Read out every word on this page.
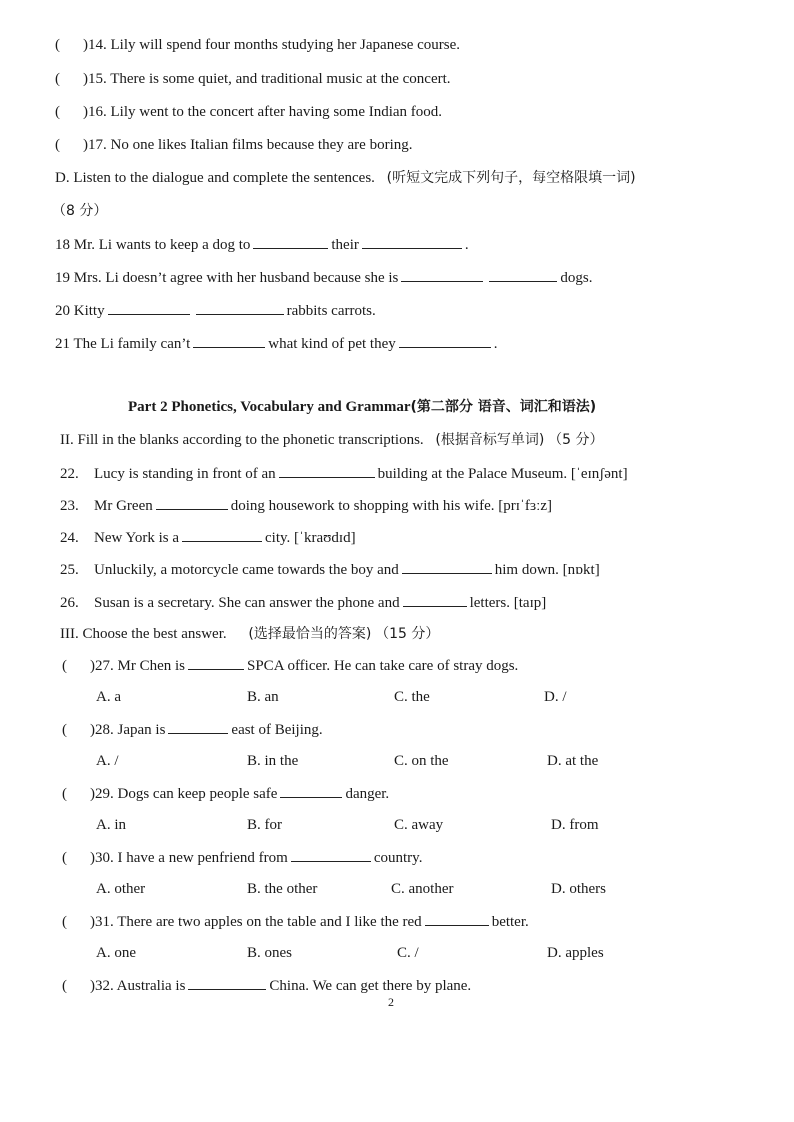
( )14. Lily will spend four months studying her Japanese course.
( )15. There is some quiet, and traditional music at the concert.
( )16. Lily went to the concert after having some Indian food.
( )17. No one likes Italian films because they are boring.
D. Listen to the dialogue and complete the sentences. (听短文完成下列句子，每空格限填一词)
（8 分）
18 Mr. Li wants to keep a dog to	their	.
19 Mrs. Li doesn’t agree with her husband because she is	dogs.
20 Kitty	rabbits carrots.
21 The Li family can’t	what kind of pet they	.
Part 2 Phonetics, Vocabulary and Grammar(第二部分 语音、词汇和语法)
II. Fill in the blanks according to the phonetic transcriptions. (根据音标写单词) （5 分）
22. Lucy is standing in front of an	building at the Palace Museum. [ˈeɪnʃənt]
23. Mr Green	doing housework to shopping with his wife. [prɪˈfɜːz]
24. New York is a	city. [ˈkraʊdɪd]
25. Unluckily, a motorcycle came towards the boy and	him down. [nɒkt]
26. Susan is a secretary. She can answer the phone and	letters. [taɪp]
III. Choose the best answer. (选择最恰当的答案) （15 分）
( )27. Mr Chen is	SPCA officer. He can take care of stray dogs.
A. a	B. an	C. the	D. /
( )28. Japan is	east of Beijing.
A. /	B. in the	C. on the	D. at the
( )29. Dogs can keep people safe	danger.
A. in	B. for	C. away	D. from
( )30. I have a new penfriend from	country.
A. other	B. the other	C. another	D. others
( )31. There are two apples on the table and I like the red	better.
A. one	B. ones	C. /	D. apples
( )32. Australia is	China. We can get there by plane.
2
